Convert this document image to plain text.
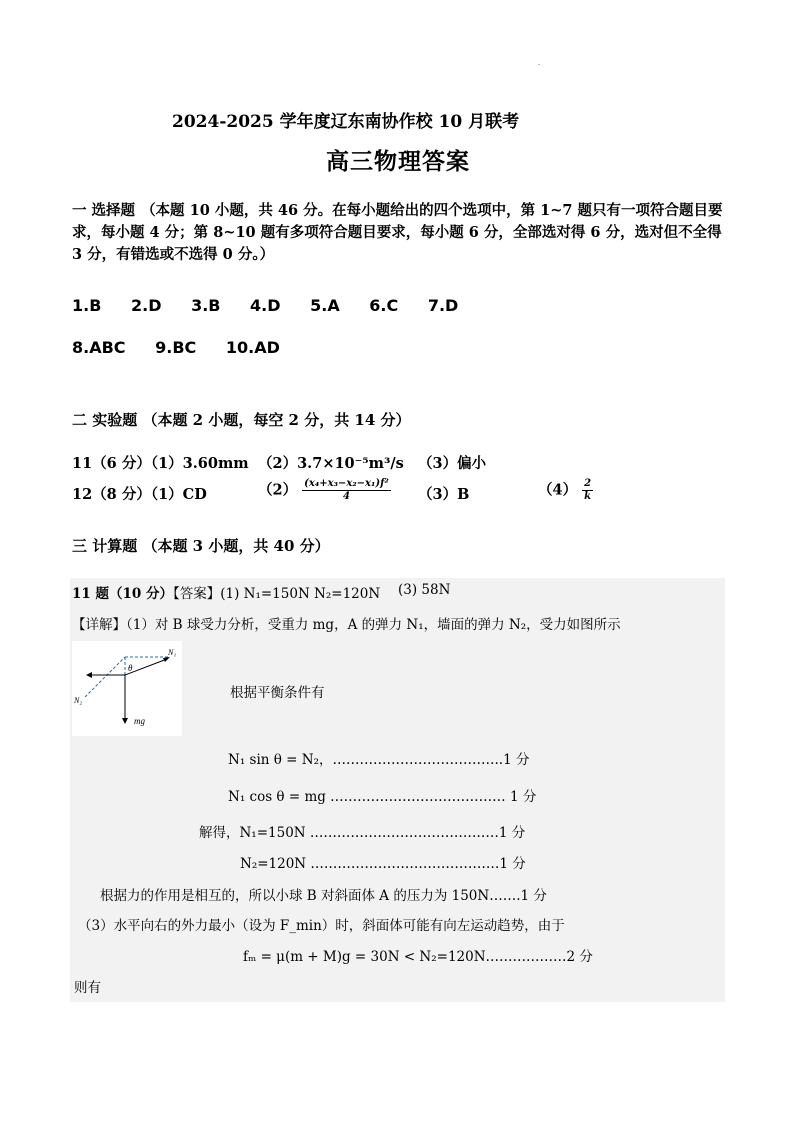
2024-2025 学年度辽东南协作校 10 月联考
高三物理答案
一 选择题 （本题 10 小题，共 46 分。在每小题给出的四个选项中，第 1~7 题只有一项符合题目要求，每小题 4 分；第 8~10 题有多项符合题目要求，每小题 6 分，全部选对得 6 分，选对但不全得 3 分，有错选或不选得 0 分。）
1.B 2.D 3.B 4.D 5.A 6.C 7.D
8.ABC 9.BC 10.AD
二 实验题 （本题 2 小题，每空 2 分，共 14 分）
11（6 分）（1）3.60mm （2）3.7×10⁻⁵m³/s （3）偏小
12（8 分）（1）CD	$(2) \frac{\text{(x₄+x₃−x₂−x₁)f²}}{4} (3)B$	$(4) \frac{2}{k}$
三 计算题 （本题 3 小题，共 40 分）
11 题（10 分）【答案】(1) N₁=150N N₂=120N (3) 58N
【详解】（1）对 B 球受力分析，受重力 mg，A 的弹力 N₁，墙面的弹力 N₂，受力如图所示
N₁
θ
N₂
mg
根据平衡条件有
N₁ sin θ = N₂，………………………………..1 分
N₁ cos θ = mg ………………………………… 1 分
解得，N₁=150N ……………………………………1 分
N₂=120N ……………………………………1 分
根据力的作用是相互的，所以小球 B 对斜面体 A 的压力为 150N…….1 分
（3）水平向右的外力最小（设为 F_min）时，斜面体可能有向左运动趋势，由于
fₘ = μ(m + M)g = 30N < N₂=120N………………2 分
则有
